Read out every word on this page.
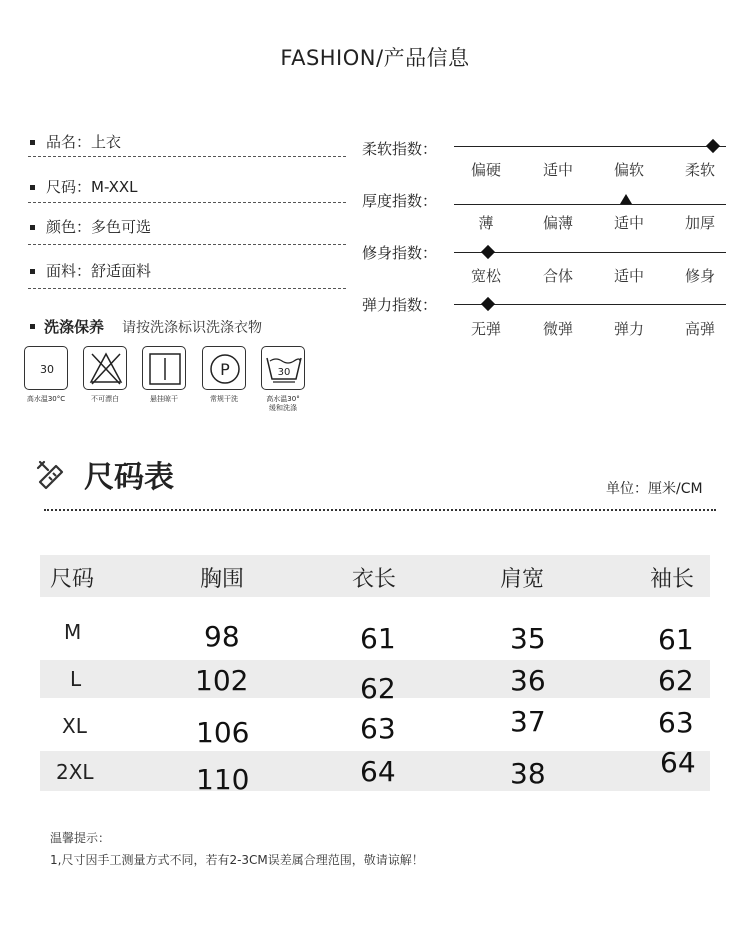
FASHION/产品信息
品名：上衣
尺码：M-XXL
颜色：多色可选
面料：舒适面料
洗涤保养 请按洗涤标识洗涤衣物
30
高水温30°C	不可漂白	悬挂晾干
P
常规干洗
30
高水温30°
缓和洗涤
柔软指数：
偏硬	适中	偏软	柔软
厚度指数：
薄	偏薄	适中	加厚
修身指数：
宽松	合体	适中	修身
弹力指数：
无弹	微弹	弹力	高弹
尺码表	单位：厘米/CM
尺码	胸围	衣长	肩宽	袖长
M	98	61	35	61
L	102	62	36	62
XL	106	63	37	63
2XL	110	64	38	64
温馨提示：
1,尺寸因手工测量方式不同，若有2-3CM误差属合理范围，敬请谅解！
